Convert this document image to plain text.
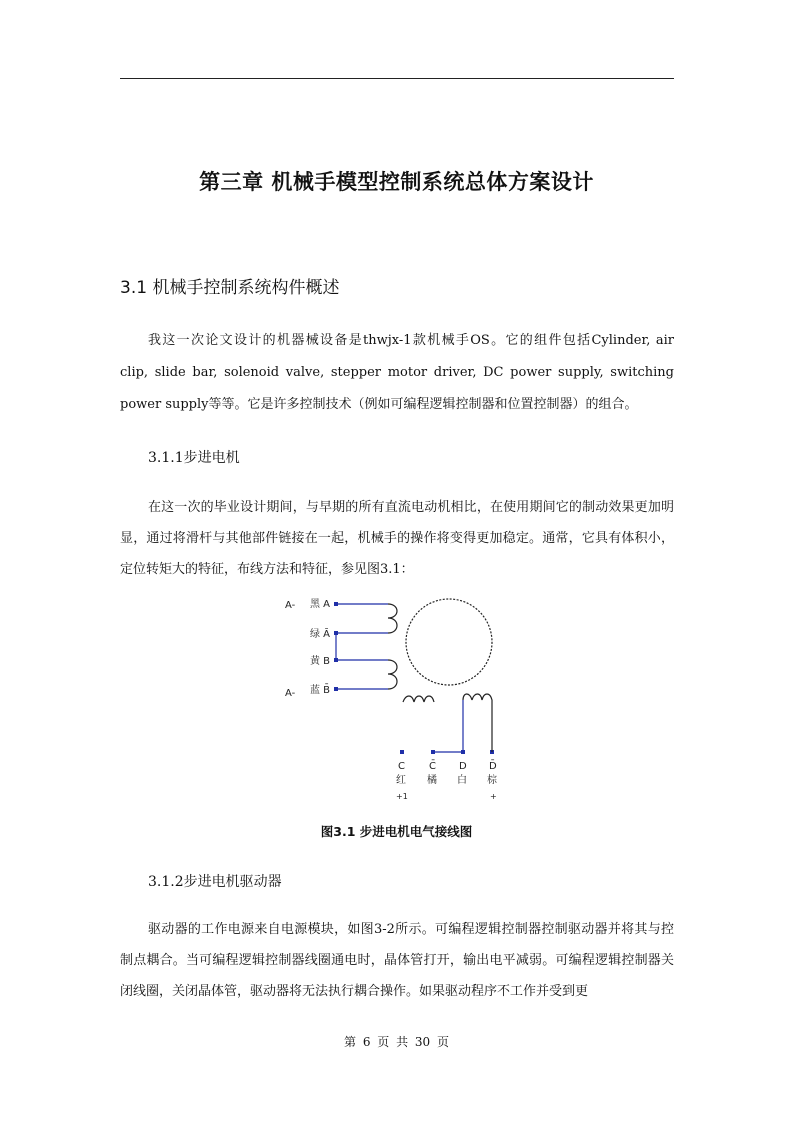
第三章 机械手模型控制系统总体方案设计
3.1 机械手控制系统构件概述

我这一次论文设计的机器械设备是thwjx-1款机械手OS。它的组件包括Cylinder, air

clip, slide bar, solenoid valve, stepper motor driver, DC power supply, switching

power supply等等。它是许多控制技术（例如可编程逻辑控制器和位置控制器）的组合。

3.1.1步进电机

在这一次的毕业设计期间，与早期的所有直流电动机相比，在使用期间它的制动效果更加明显，通过将滑杆与其他部件链接在一起，机械手的操作将变得更加稳定。通常，它具有体积小，定位转矩大的特征，布线方法和特征，参见图3.1：

A- 黑 A
绿 Ā
黄 B
A- 蓝 B̄
C
红
+1
C̄
橘
D
白
D̄
棕
+
图3.1 步进电机电气接线图
3.1.2步进电机驱动器

驱动器的工作电源来自电源模块，如图3-2所示。可编程逻辑控制器控制驱动器并将其与控制点耦合。当可编程逻辑控制器线圈通电时，晶体管打开，输出电平减弱。可编程逻辑控制器关闭线圈，关闭晶体管，驱动器将无法执行耦合操作。如果驱动程序不工作并受到更

第 6 页 共 30 页
